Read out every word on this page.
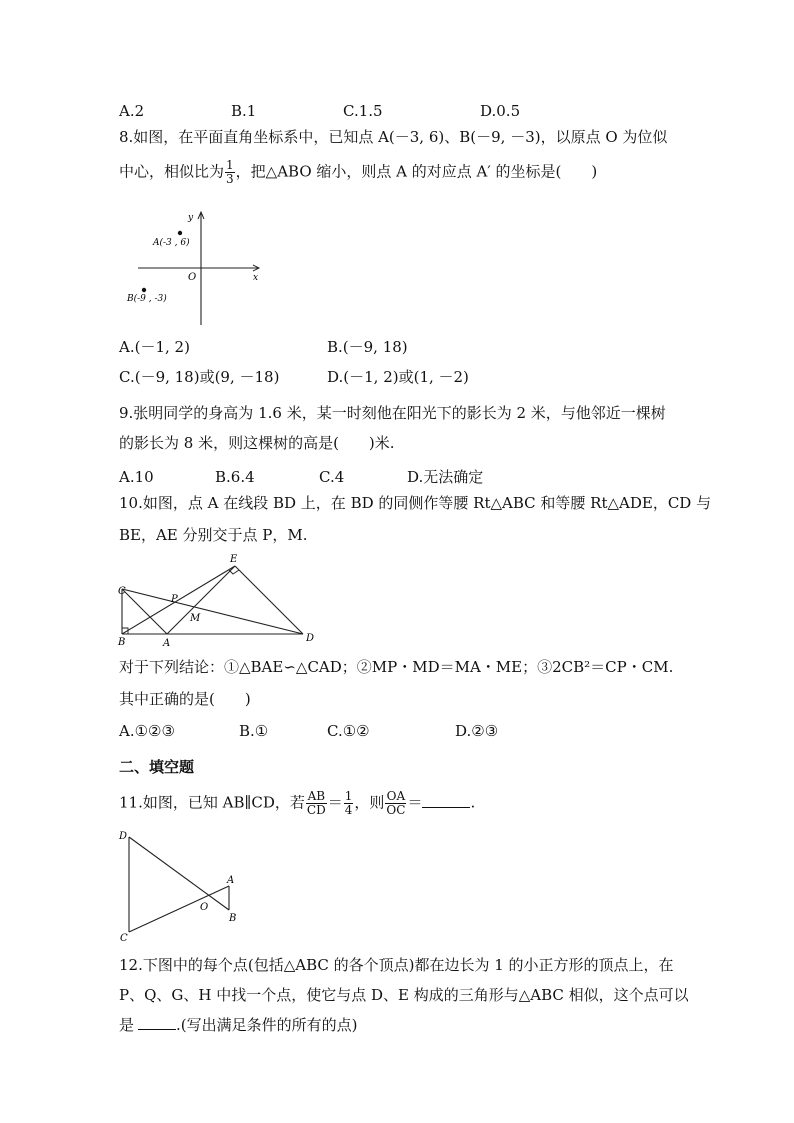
A.2	B.1	C.1.5	D.0.5
8.如图，在平面直角坐标系中，已知点 A(－3, 6)、B(－9, －3)，以原点 O 为位似
中心，相似比为 $\frac{1}{3}$ ，把△ABO 缩小，则点 A 的对应点 A′ 的坐标是(　　)
y
x
O
A(-3 , 6)
B(-9 , -3)
A.(－1, 2)	B.(－9, 18)
C.(－9, 18)或(9, －18)	D.(－1, 2)或(1, －2)
9.张明同学的身高为 1.6 米，某一时刻他在阳光下的影长为 2 米，与他邻近一棵树
的影长为 8 米，则这棵树的高是(　　)米.
A.10	B.6.4	C.4	D.无法确定
10.如图，点 A 在线段 BD 上，在 BD 的同侧作等腰 Rt△ABC 和等腰 Rt△ADE，CD 与
BE，AE 分别交于点 P，M.
C
E
P
M
B	A	D
对于下列结论：①△BAE∽△CAD；②MP・MD＝MA・ME；③2CB²＝CP・CM.
其中正确的是(　　)
A.①②③	B.①	C.①②	D.②③
二、填空题
11.如图，已知 AB∥CD，若 $\frac{AB}{CD} = \frac{1}{4}$ ，则 $\frac{OA}{OC}$ ＝	.
D
A
O
B
C
12.下图中的每个点(包括△ABC 的各个顶点)都在边长为 1 的小正方形的顶点上，在
P、Q、G、H 中找一个点，使它与点 D、E 构成的三角形与△ABC 相似，这个点可以
是	.(写出满足条件的所有的点)
